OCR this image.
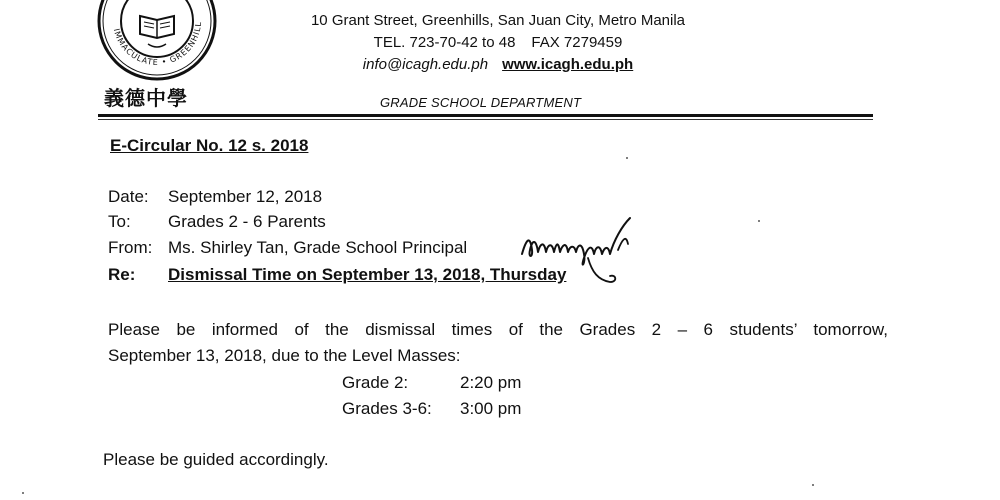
IMMACULATE • GREENHILL
義德中學
10 Grant Street, Greenhills, San Juan City, Metro Manila
TEL. 723-70-42 to 48 FAX 7279459
info@icagh.edu.ph www.icagh.edu.ph
GRADE SCHOOL DEPARTMENT
E-Circular No. 12 s. 2018
Date: September 12, 2018
To: Grades 2 - 6 Parents
From: Ms. Shirley Tan, Grade School Principal
Re: Dismissal Time on September 13, 2018, Thursday
Please be informed of the dismissal times of the Grades 2 – 6 students’ tomorrow,
September 13, 2018, due to the Level Masses:
Grade 2:	2:20 pm
Grades 3-6: 3:00 pm
Please be guided accordingly.
